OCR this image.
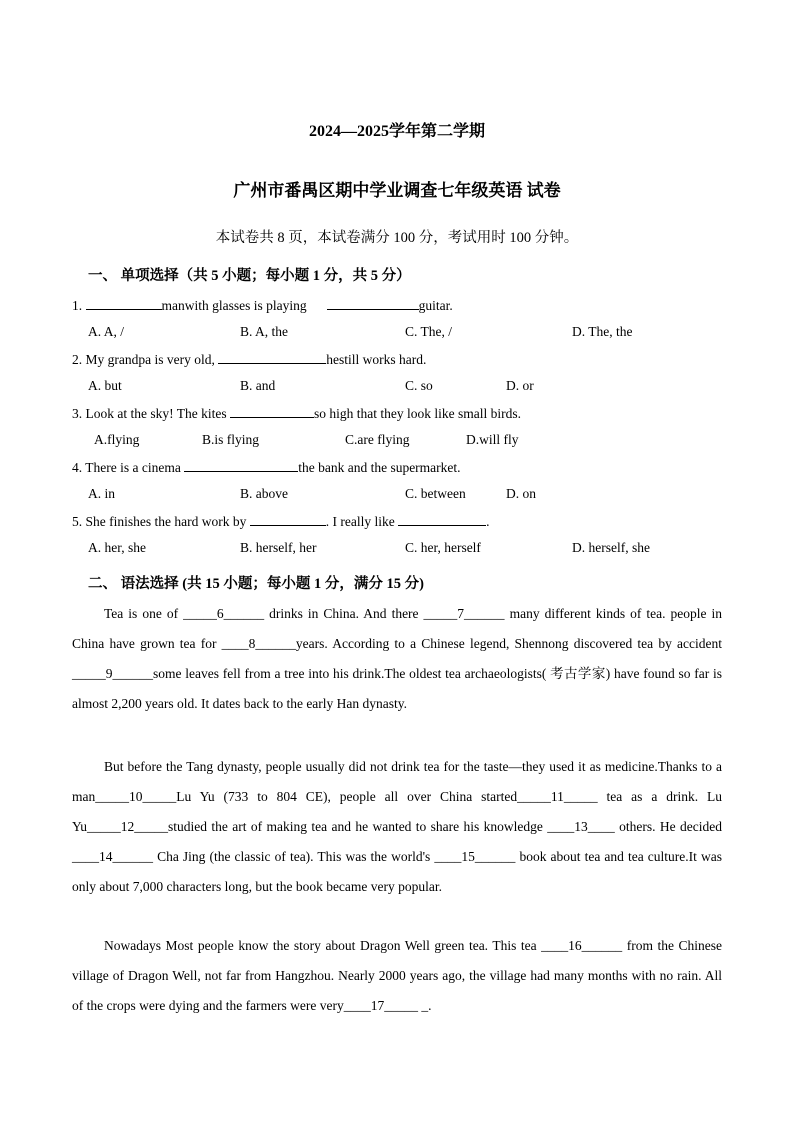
2024—2025学年第二学期
广州市番禺区期中学业调查七年级英语 试卷
本试卷共 8 页，本试卷满分 100 分，考试用时 100 分钟。
一、 单项选择（共 5 小题；每小题 1 分，共 5 分）
1.	manwith glasses is playing	guitar.
A. A, /	B. A, the	C. The, /	D. The, the
2. My grandpa is very old,	hestill works hard.
A. but	B. and	C. so	D. or
3. Look at the sky! The kites	so high that they look like small birds.
A.flying	B.is flying	C.are flying	D.will fly
4. There is a cinema	the bank and the supermarket.
A. in	B. above	C. between	D. on
5. She finishes the hard work by	. I really like	.
A. her, she	B. herself, her	C. her, herself	D. herself, she
二、 语法选择 (共 15 小题；每小题 1 分，满分 15 分)
Tea is one of _____6______ drinks in China. And there _____7______ many different kinds of tea. people in China have grown tea for ____8______years. According to a Chinese legend, Shennong discovered tea by accident _____9______some leaves fell from a tree into his drink.The oldest tea archaeologists( 考古学家) have found so far is almost 2,200 years old. It dates back to the early Han dynasty.
But before the Tang dynasty, people usually did not drink tea for the taste—they used it as medicine.Thanks to a man_____10_____Lu Yu (733 to 804 CE), people all over China started_____11_____ tea as a drink. Lu Yu_____12_____studied the art of making tea and he wanted to share his knowledge ____13____ others. He decided ____14______ Cha Jing (the classic of tea). This was the world's ____15______ book about tea and tea culture.It was only about 7,000 characters long, but the book became very popular.
Nowadays Most people know the story about Dragon Well green tea. This tea ____16______ from the Chinese village of Dragon Well, not far from Hangzhou. Nearly 2000 years ago, the village had many months with no rain. All of the crops were dying and the farmers were very____17_____ _.
